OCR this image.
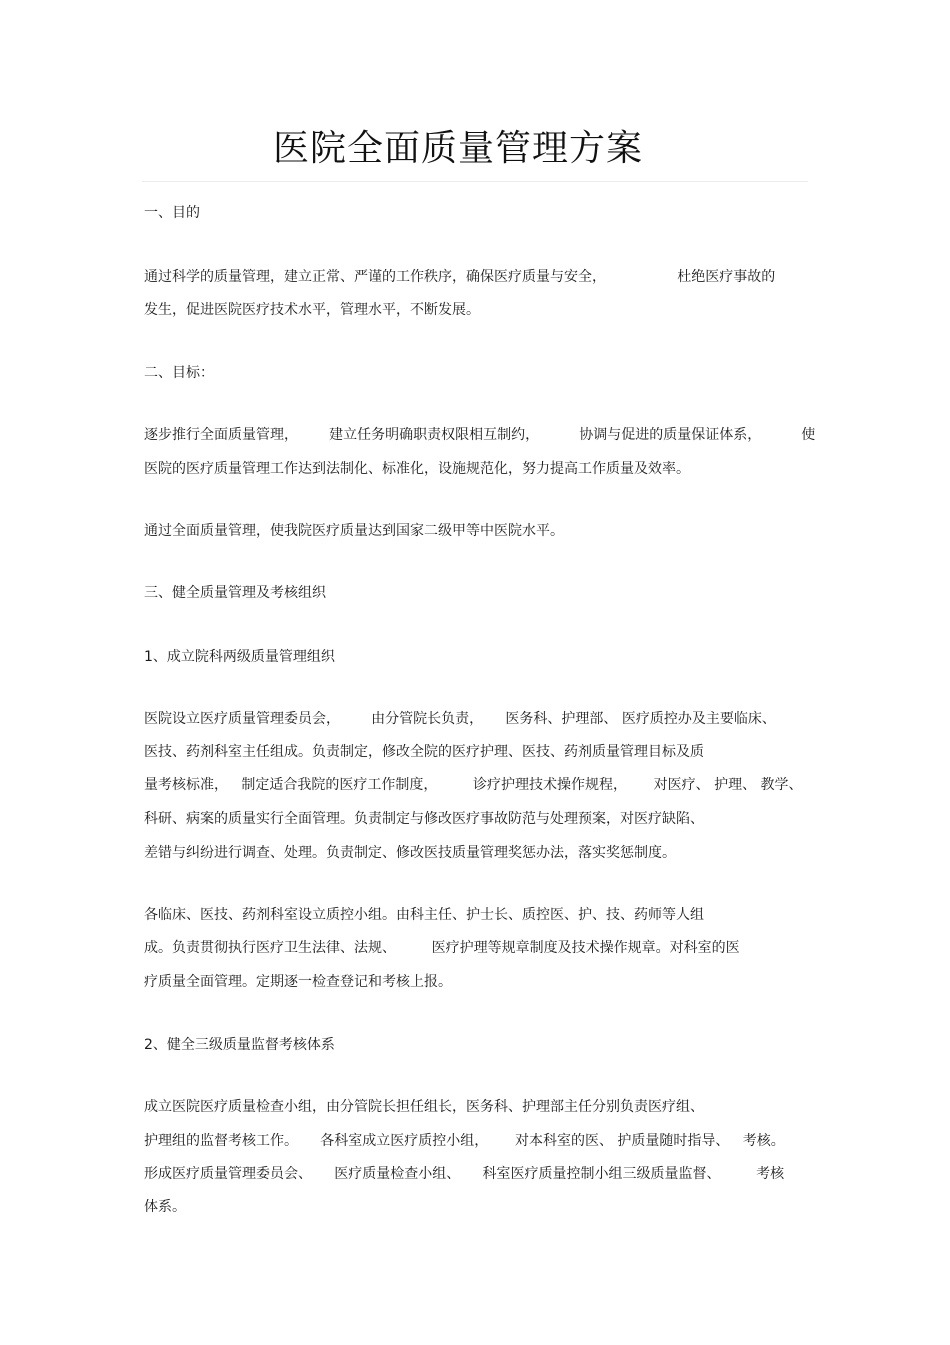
医院全面质量管理方案
一、目的
通过科学的质量管理，建立正常、严谨的工作秩序，确保医疗质量与安全，                杜绝医疗事故的
发生，促进医院医疗技术水平，管理水平，不断发展。
二、目标：
逐步推行全面质量管理，       建立任务明确职责权限相互制约，         协调与促进的质量保证体系，         使
医院的医疗质量管理工作达到法制化、标准化，设施规范化，努力提高工作质量及效率。
通过全面质量管理，使我院医疗质量达到国家二级甲等中医院水平。
三、健全质量管理及考核组织
1、成立院科两级质量管理组织
医院设立医疗质量管理委员会，       由分管院长负责，     医务科、护理部、 医疗质控办及主要临床、
医技、药剂科室主任组成。负责制定，修改全院的医疗护理、医技、药剂质量管理目标及质
量考核标准，   制定适合我院的医疗工作制度，        诊疗护理技术操作规程，      对医疗、 护理、 教学、
科研、病案的质量实行全面管理。负责制定与修改医疗事故防范与处理预案，对医疗缺陷、
差错与纠纷进行调查、处理。负责制定、修改医技质量管理奖惩办法，落实奖惩制度。
各临床、医技、药剂科室设立质控小组。由科主任、护士长、质控医、护、技、药师等人组
成。负责贯彻执行医疗卫生法律、法规、        医疗护理等规章制度及技术操作规章。对科室的医
疗质量全面管理。定期逐一检查登记和考核上报。
2、健全三级质量监督考核体系
成立医院医疗质量检查小组，由分管院长担任组长，医务科、护理部主任分别负责医疗组、
护理组的监督考核工作。     各科室成立医疗质控小组，      对本科室的医、 护质量随时指导、   考核。
形成医疗质量管理委员会、     医疗质量检查小组、     科室医疗质量控制小组三级质量监督、        考核
体系。
